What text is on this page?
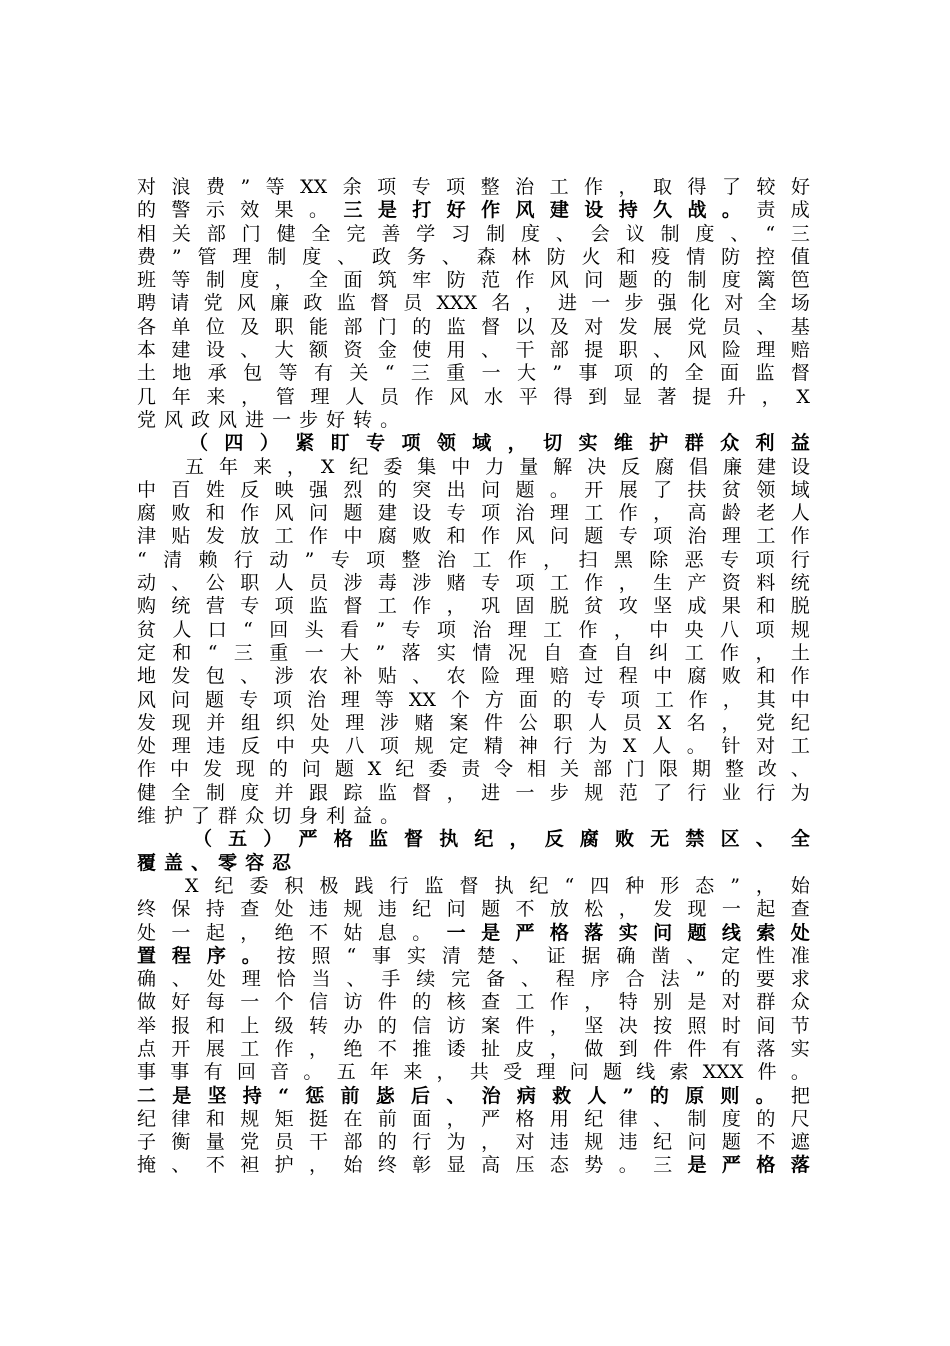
对 浪 费 ” 等 XX 余 项 专 项 整 治 工 作 ， 取 得 了 较 好
的 警 示 效 果 。 三 是 打 好 作 风 建 设 持 久 战 。 责 成
相 关 部 门 健 全 完 善 学 习 制 度 、 会 议 制 度 、 “ 三
费 ” 管 理 制 度 、 政 务 、 森 林 防 火 和 疫 情 防 控 值
班 等 制 度 ， 全 面 筑 牢 防 范 作 风 问 题 的 制 度 篱 笆
聘 请 党 风 廉 政 监 督 员 XXX 名 ， 进 一 步 强 化 对 全 场
各 单 位 及 职 能 部 门 的 监 督 以 及 对 发 展 党 员 、 基
本 建 设 、 大 额 资 金 使 用 、 干 部 提 职 、 风 险 理 赔
土 地 承 包 等 有 关 “ 三 重 一 大 ” 事 项 的 全 面 监 督
几 年 来 ， 管 理 人 员 作 风 水 平 得 到 显 著 提 升 ， X
党 风 政 风 进 一 步 好 转 。
（ 四 ） 紧 盯 专 项 领 域 ， 切 实 维 护 群 众 利 益
五 年 来 ， X 纪 委 集 中 力 量 解 决 反 腐 倡 廉 建 设
中 百 姓 反 映 强 烈 的 突 出 问 题 。 开 展 了 扶 贫 领 域
腐 败 和 作 风 问 题 建 设 专 项 治 理 工 作 ， 高 龄 老 人
津 贴 发 放 工 作 中 腐 败 和 作 风 问 题 专 项 治 理 工 作
“ 清 赖 行 动 ” 专 项 整 治 工 作 ， 扫 黑 除 恶 专 项 行
动 、 公 职 人 员 涉 毒 涉 赌 专 项 工 作 ， 生 产 资 料 统
购 统 营 专 项 监 督 工 作 ， 巩 固 脱 贫 攻 坚 成 果 和 脱
贫 人 口 “ 回 头 看 ” 专 项 治 理 工 作 ， 中 央 八 项 规
定 和 “ 三 重 一 大 ” 落 实 情 况 自 查 自 纠 工 作 ， 土
地 发 包 、 涉 农 补 贴 、 农 险 理 赔 过 程 中 腐 败 和 作
风 问 题 专 项 治 理 等 XX 个 方 面 的 专 项 工 作 ， 其 中
发 现 并 组 织 处 理 涉 赌 案 件 公 职 人 员 X 名 ， 党 纪
处 理 违 反 中 央 八 项 规 定 精 神 行 为 X 人 。 针 对 工
作 中 发 现 的 问 题 X 纪 委 责 令 相 关 部 门 限 期 整 改 、
健 全 制 度 并 跟 踪 监 督 ， 进 一 步 规 范 了 行 业 行 为
维 护 了 群 众 切 身 利 益 。
（ 五 ） 严 格 监 督 执 纪 ， 反 腐 败 无 禁 区 、 全
覆 盖 、 零 容 忍
X 纪 委 积 极 践 行 监 督 执 纪 “ 四 种 形 态 ” ， 始
终 保 持 查 处 违 规 违 纪 问 题 不 放 松 ， 发 现 一 起 查
处 一 起 ， 绝 不 姑 息 。 一 是 严 格 落 实 问 题 线 索 处
置 程 序 。 按 照 “ 事 实 清 楚 、 证 据 确 凿 、 定 性 准
确 、 处 理 恰 当 、 手 续 完 备 、 程 序 合 法 ” 的 要 求
做 好 每 一 个 信 访 件 的 核 查 工 作 ， 特 别 是 对 群 众
举 报 和 上 级 转 办 的 信 访 案 件 ， 坚 决 按 照 时 间 节
点 开 展 工 作 ， 绝 不 推 诿 扯 皮 ， 做 到 件 件 有 落 实
事 事 有 回 音 。 五 年 来 ， 共 受 理 问 题 线 索 XXX 件 。
二 是 坚 持 “ 惩 前 毖 后 、 治 病 救 人 ” 的 原 则 。 把
纪 律 和 规 矩 挺 在 前 面 ， 严 格 用 纪 律 、 制 度 的 尺
子 衡 量 党 员 干 部 的 行 为 ， 对 违 规 违 纪 问 题 不 遮
掩 、 不 袒 护 ， 始 终 彰 显 高 压 态 势 。 三 是 严 格 落
